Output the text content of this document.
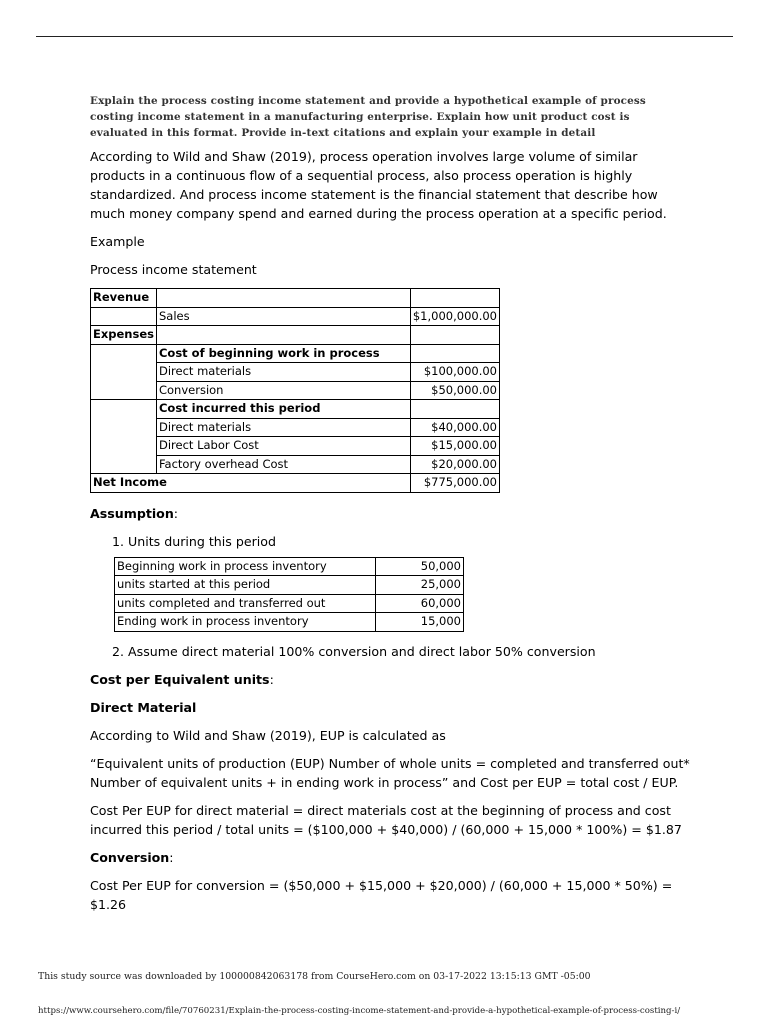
Explain the process costing income statement and provide a hypothetical example of process costing income statement in a manufacturing enterprise. Explain how unit product cost is evaluated in this format. Provide in-text citations and explain your example in detail

According to Wild and Shaw (2019), process operation involves large volume of similar products in a continuous flow of a sequential process, also process operation is highly standardized. And process income statement is the financial statement that describe how much money company spend and earned during the process operation at a specific period.

Example

Process income statement

Revenue		
	Sales	$1,000,000.00
Expenses		
	Cost of beginning work in process	
	Direct materials	$100,000.00
	Conversion	$50,000.00
	Cost incurred this period	
	Direct materials	$40,000.00
	Direct Labor Cost	$15,000.00
	Factory overhead Cost	$20,000.00
Net Income		$775,000.00

Assumption:

1. Units during this period

Beginning work in process inventory	50,000
units started at this period	25,000
units completed and transferred out	60,000
Ending work in process inventory	15,000

2. Assume direct material 100% conversion and direct labor 50% conversion

Cost per Equivalent units:

Direct Material

According to Wild and Shaw (2019), EUP is calculated as

“Equivalent units of production (EUP) Number of whole units = completed and transferred out* Number of equivalent units + in ending work in process” and Cost per EUP = total cost / EUP.

Cost Per EUP for direct material = direct materials cost at the beginning of process and cost incurred this period / total units = ($100,000 + $40,000) / (60,000 + 15,000 * 100%) = $1.87

Conversion:

Cost Per EUP for conversion = ($50,000 + $15,000 + $20,000) / (60,000 + 15,000 * 50%) = $1.26

This study source was downloaded by 100000842063178 from CourseHero.com on 03-17-2022 13:15:13 GMT -05:00
https://www.coursehero.com/file/70760231/Explain-the-process-costing-income-statement-and-provide-a-hypothetical-example-of-process-costing-i/
